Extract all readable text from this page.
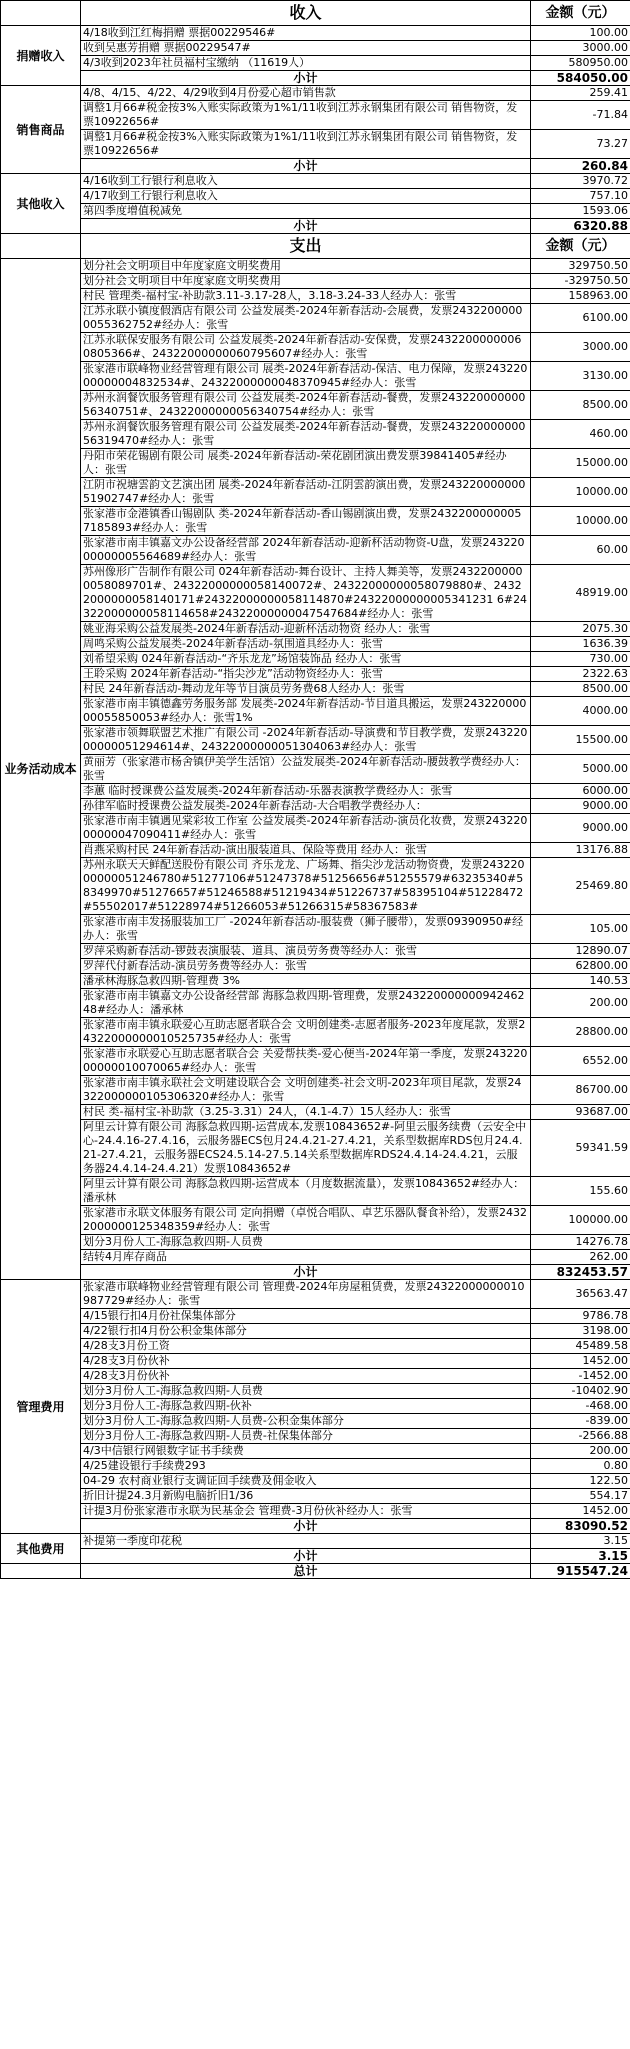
	收入	金额（元）
捐赠收入	4/18收到江红梅捐赠 票据00229546#	100.00
	收到吴惠芳捐赠 票据00229547#	3000.00
	4/3收到2023年社员福村宝缴纳 （11619人）	580950.00
	小计	584050.00
销售商品	4/8、4/15、4/22、4/29收到4月份爱心超市销售款	259.41
	调整1月66#税金按3%入账实际政策为1%1/11收到江苏永钢集团有限公司 销售物资，发票10922656#	-71.84
	调整1月66#税金按3%入账实际政策为1%1/11收到江苏永钢集团有限公司 销售物资，发票10922656#	73.27
	小计	260.84
其他收入	4/16收到工行银行利息收入	3970.72
	4/17收到工行银行利息收入	757.10
	第四季度增值税减免	1593.06
	小计	6320.88
	支出	金额（元）
业务活动成本	划分社会文明项目中年度家庭文明奖费用	329750.50
	划分社会文明项目中年度家庭文明奖费用	-329750.50
	村民 管理类-福村宝-补助款3.11-3.17-28人，3.18-3.24-33人经办人：张雪	158963.00
	江苏永联小镇度假酒店有限公司 公益发展类-2024年新春活动-会展费，发票24322000000055362752#经办人：张雪	6100.00
	江苏永联保安服务有限公司 公益发展类-2024年新春活动-安保费，发票24322000000060805366#、24322000000060795607#经办人：张雪	3000.00
	张家港市联峰物业经营管理有限公司 展类-2024年新春活动-保洁、电力保障，发票24322000000004832534#、24322000000048370945#经办人：张雪	3130.00
	苏州永润餐饮服务管理有限公司 公益发展类-2024年新春活动-餐费，发票24322000000056340751#、24322000000056340754#经办人：张雪	8500.00
	苏州永润餐饮服务管理有限公司 公益发展类-2024年新春活动-餐费，发票24322000000056319470#经办人：张雪	460.00
	丹阳市荣花锡剧有限公司 展类-2024年新春活动-荣花剧团演出费发票39841405#经办人：张雪	15000.00
	江阴市祝塘雲韵文艺演出团 展类-2024年新春活动-江阴雲韵演出费，发票24322000000051902747#经办人：张雪	10000.00
	张家港市金港镇香山锡剧队 类-2024年新春活动-香山锡剧演出费，发票24322000000057185893#经办人：张雪	10000.00
	张家港市南丰镇嘉文办公设备经营部 2024年新春活动-迎新杯活动物资-U盘，发票24322000000005564689#经办人：张雪	60.00
	苏州像形广告制作有限公司 024年新春活动-舞台设计、主持人舞美等，发票24322000000058089701#、24322000000058140072#、24322000000058079880#、24322000000058140171#24322000000058114870#24322000000005341231 6#24322000000058114658#24322000000047547684#经办人：张雪	48919.00
	姚亚海采购公益发展类-2024年新春活动-迎新杯活动物资 经办人：张雪	2075.30
	周鸣采购公益发展类-2024年新春活动-氛围道具经办人：张雪	1636.39
	刘希望采购 024年新春活动-“齐乐龙龙”场馆装饰品 经办人：张雪	730.00
	王聆采购 2024年新春活动-“指尖沙龙”活动物资经办人：张雪	2322.63
	村民 24年新春活动-舞动龙年等节目演员劳务费68人经办人：张雪	8500.00
	张家港市南丰镇德鑫劳务服务部 发展类-2024年新春活动-节目道具搬运，发票24322000000055850053#经办人：张雪1%	4000.00
	张家港市领舞联盟艺术推广有限公司 -2024年新春活动-导演费和节目教学费，发票24322000000051294614#、24322000000051304063#经办人：张雪	15500.00
	黄丽芳（张家港市杨舍镇伊美学生活馆）公益发展类-2024年新春活动-腰鼓教学费经办人：张雪	5000.00
	李蕙 临时授课费公益发展类-2024年新春活动-乐器表演教学费经办人：张雪	6000.00
	孙律军临时授课费公益发展类-2024年新春活动-大合唱教学费经办人：	9000.00
	张家港市南丰镇遇见棠彩妆工作室 公益发展类-2024年新春活动-演员化妆费，发票24322000000047090411#经办人：张雪	9000.00
	肖燕采购村民 24年新春活动-演出服装道具、保险等费用 经办人：张雪	13176.88
	苏州永联天天鲜配送股份有限公司 齐乐龙龙、广场舞、指尖沙龙活动物资费，发票24322000000051246780#51277106#51247378#51256656#51255579#63235340#58349970#51276657#51246588#51219434#51226737#58395104#51228472#55502017#51228974#51266053#51266315#58367583#	25469.80
	张家港市南丰发扬服装加工厂 -2024年新春活动-服装费（狮子腰带），发票09390950#经办人：张雪	105.00
	罗萍采购新春活动-锣鼓表演服装、道具、演员劳务费等经办人：张雪	12890.07
	罗萍代付新春活动-演员劳务费等经办人：张雪	62800.00
	潘承林海豚急救四期-管理费 3%	140.53
	张家港市南丰镇嘉文办公设备经营部 海豚急救四期-管理费，发票24322000000094246248#经办人：潘承林	200.00
	张家港市南丰镇永联爱心互助志愿者联合会 文明创建类-志愿者服务-2023年度尾款，发票24322000000010525735#经办人：张雪	28800.00
	张家港市永联爱心互助志愿者联合会 关爱帮扶类-爱心便当-2024年第一季度，发票24322000000010070065#经办人：张雪	6552.00
	张家港市南丰镇永联社会文明建设联合会 文明创建类-社会文明-2023年项目尾款，发票24322000000105306320#经办人：张雪	86700.00
	村民 类-福村宝-补助款（3.25-3.31）24人，（4.1-4.7）15人经办人：张雪	93687.00
	阿里云计算有限公司 海豚急救四期-运营成本,发票10843652#-阿里云服务续费（云安全中心-24.4.16-27.4.16，云服务器ECS包月24.4.21-27.4.21，关系型数据库RDS包月24.4.21-27.4.21，云服务器ECS24.5.14-27.5.14关系型数据库RDS24.4.14-24.4.21，云服务器24.4.14-24.4.21）发票10843652#	59341.59
	阿里云计算有限公司 海豚急救四期-运营成本（月度数据流量），发票10843652#经办人：潘承林	155.60
	张家港市永联文体服务有限公司 定向捐赠（卓悦合唱队、卓艺乐器队餐食补给），发票24322000000125348359#经办人：张雪	100000.00
	划分3月份人工-海豚急救四期-人员费	14276.78
	结转4月库存商品	262.00
	小计	832453.57
管理费用	张家港市联峰物业经营管理有限公司 管理费-2024年房屋租赁费，发票24322000000010987729#经办人：张雪	36563.47
	4/15银行扣4月份社保集体部分	9786.78
	4/22银行扣4月份公积金集体部分	3198.00
	4/28支3月份工资	45489.58
	4/28支3月份伙补	1452.00
	4/28支3月份伙补	-1452.00
	划分3月份人工-海豚急救四期-人员费	-10402.90
	划分3月份人工-海豚急救四期-伙补	-468.00
	划分3月份人工-海豚急救四期-人员费-公积金集体部分	-839.00
	划分3月份人工-海豚急救四期-人员费-社保集体部分	-2566.88
	4/3中信银行网银数字证书手续费	200.00
	4/25建设银行手续费293	0.80
	04-29 农村商业银行支调证回手续费及佣金收入	122.50
	折旧计提24.3月新购电脑折旧1/36	554.17
	计提3月份张家港市永联为民基金会 管理费-3月份伙补经办人：张雪	1452.00
	小计	83090.52
其他费用	补提第一季度印花税	3.15
	小计	3.15
	总计	915547.24
